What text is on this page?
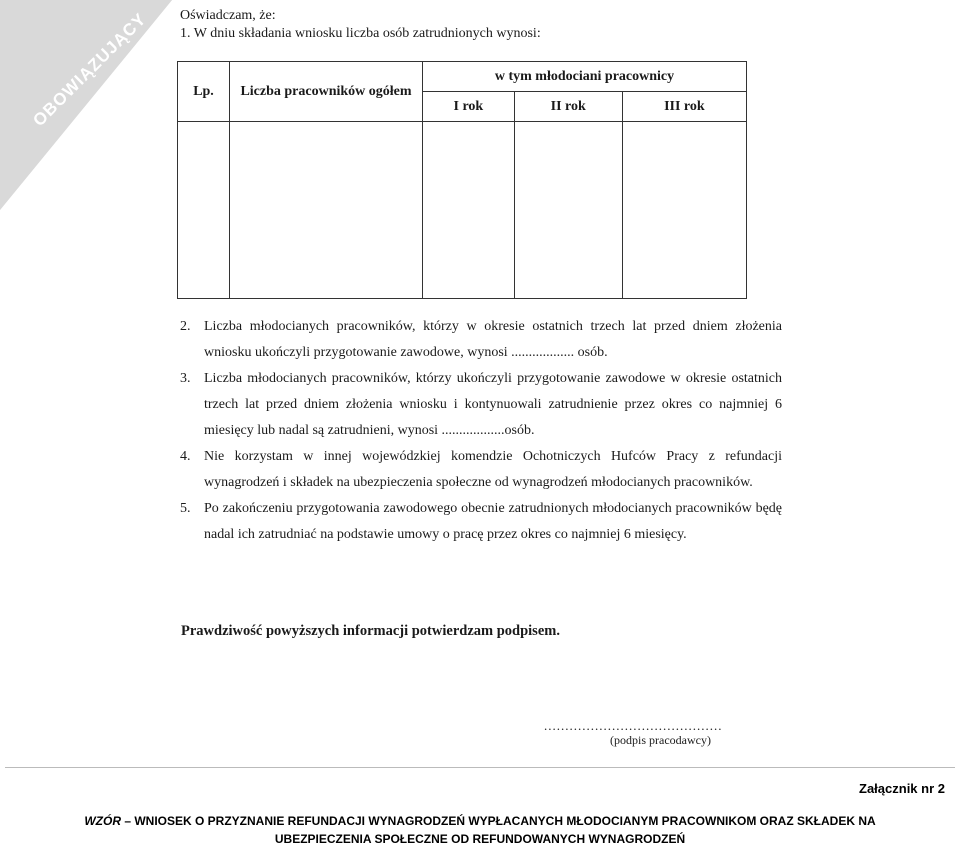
OBOWIĄZUJĄCY	Oświadczam, że:
1. W dniu składania wniosku liczba osób zatrudnionych wynosi:
Lp.	Liczba pracowników ogółem	w tym młodociani pracownicy		
		I rok	II rok	III rok

2. Liczba młodocianych pracowników, którzy w okresie ostatnich trzech lat przed dniem złożenia wniosku ukończyli przygotowanie zawodowe, wynosi .................. osób.
3. Liczba młodocianych pracowników, którzy ukończyli przygotowanie zawodowe w okresie ostatnich trzech lat przed dniem złożenia wniosku i kontynuowali zatrudnienie przez okres co najmniej 6 miesięcy lub nadal są zatrudnieni, wynosi ..................osób.
4. Nie korzystam w innej wojewódzkiej komendzie Ochotniczych Hufców Pracy z refundacji wynagrodzeń i składek na ubezpieczenia społeczne od wynagrodzeń młodocianych pracowników.
5. Po zakończeniu przygotowania zawodowego obecnie zatrudnionych młodocianych pracowników będę nadal ich zatrudniać na podstawie umowy o pracę przez okres co najmniej 6 miesięcy.
Prawdziwość powyższych informacji potwierdzam podpisem.
..........................................
(podpis pracodawcy)
Załącznik nr 2
WZÓR – WNIOSEK O PRZYZNANIE REFUNDACJI WYNAGRODZEŃ WYPŁACANYCH MŁODOCIANYM PRACOWNIKOM ORAZ SKŁADEK NA
UBEZPIECZENIA SPOŁECZNE OD REFUNDOWANYCH WYNAGRODZEŃ
